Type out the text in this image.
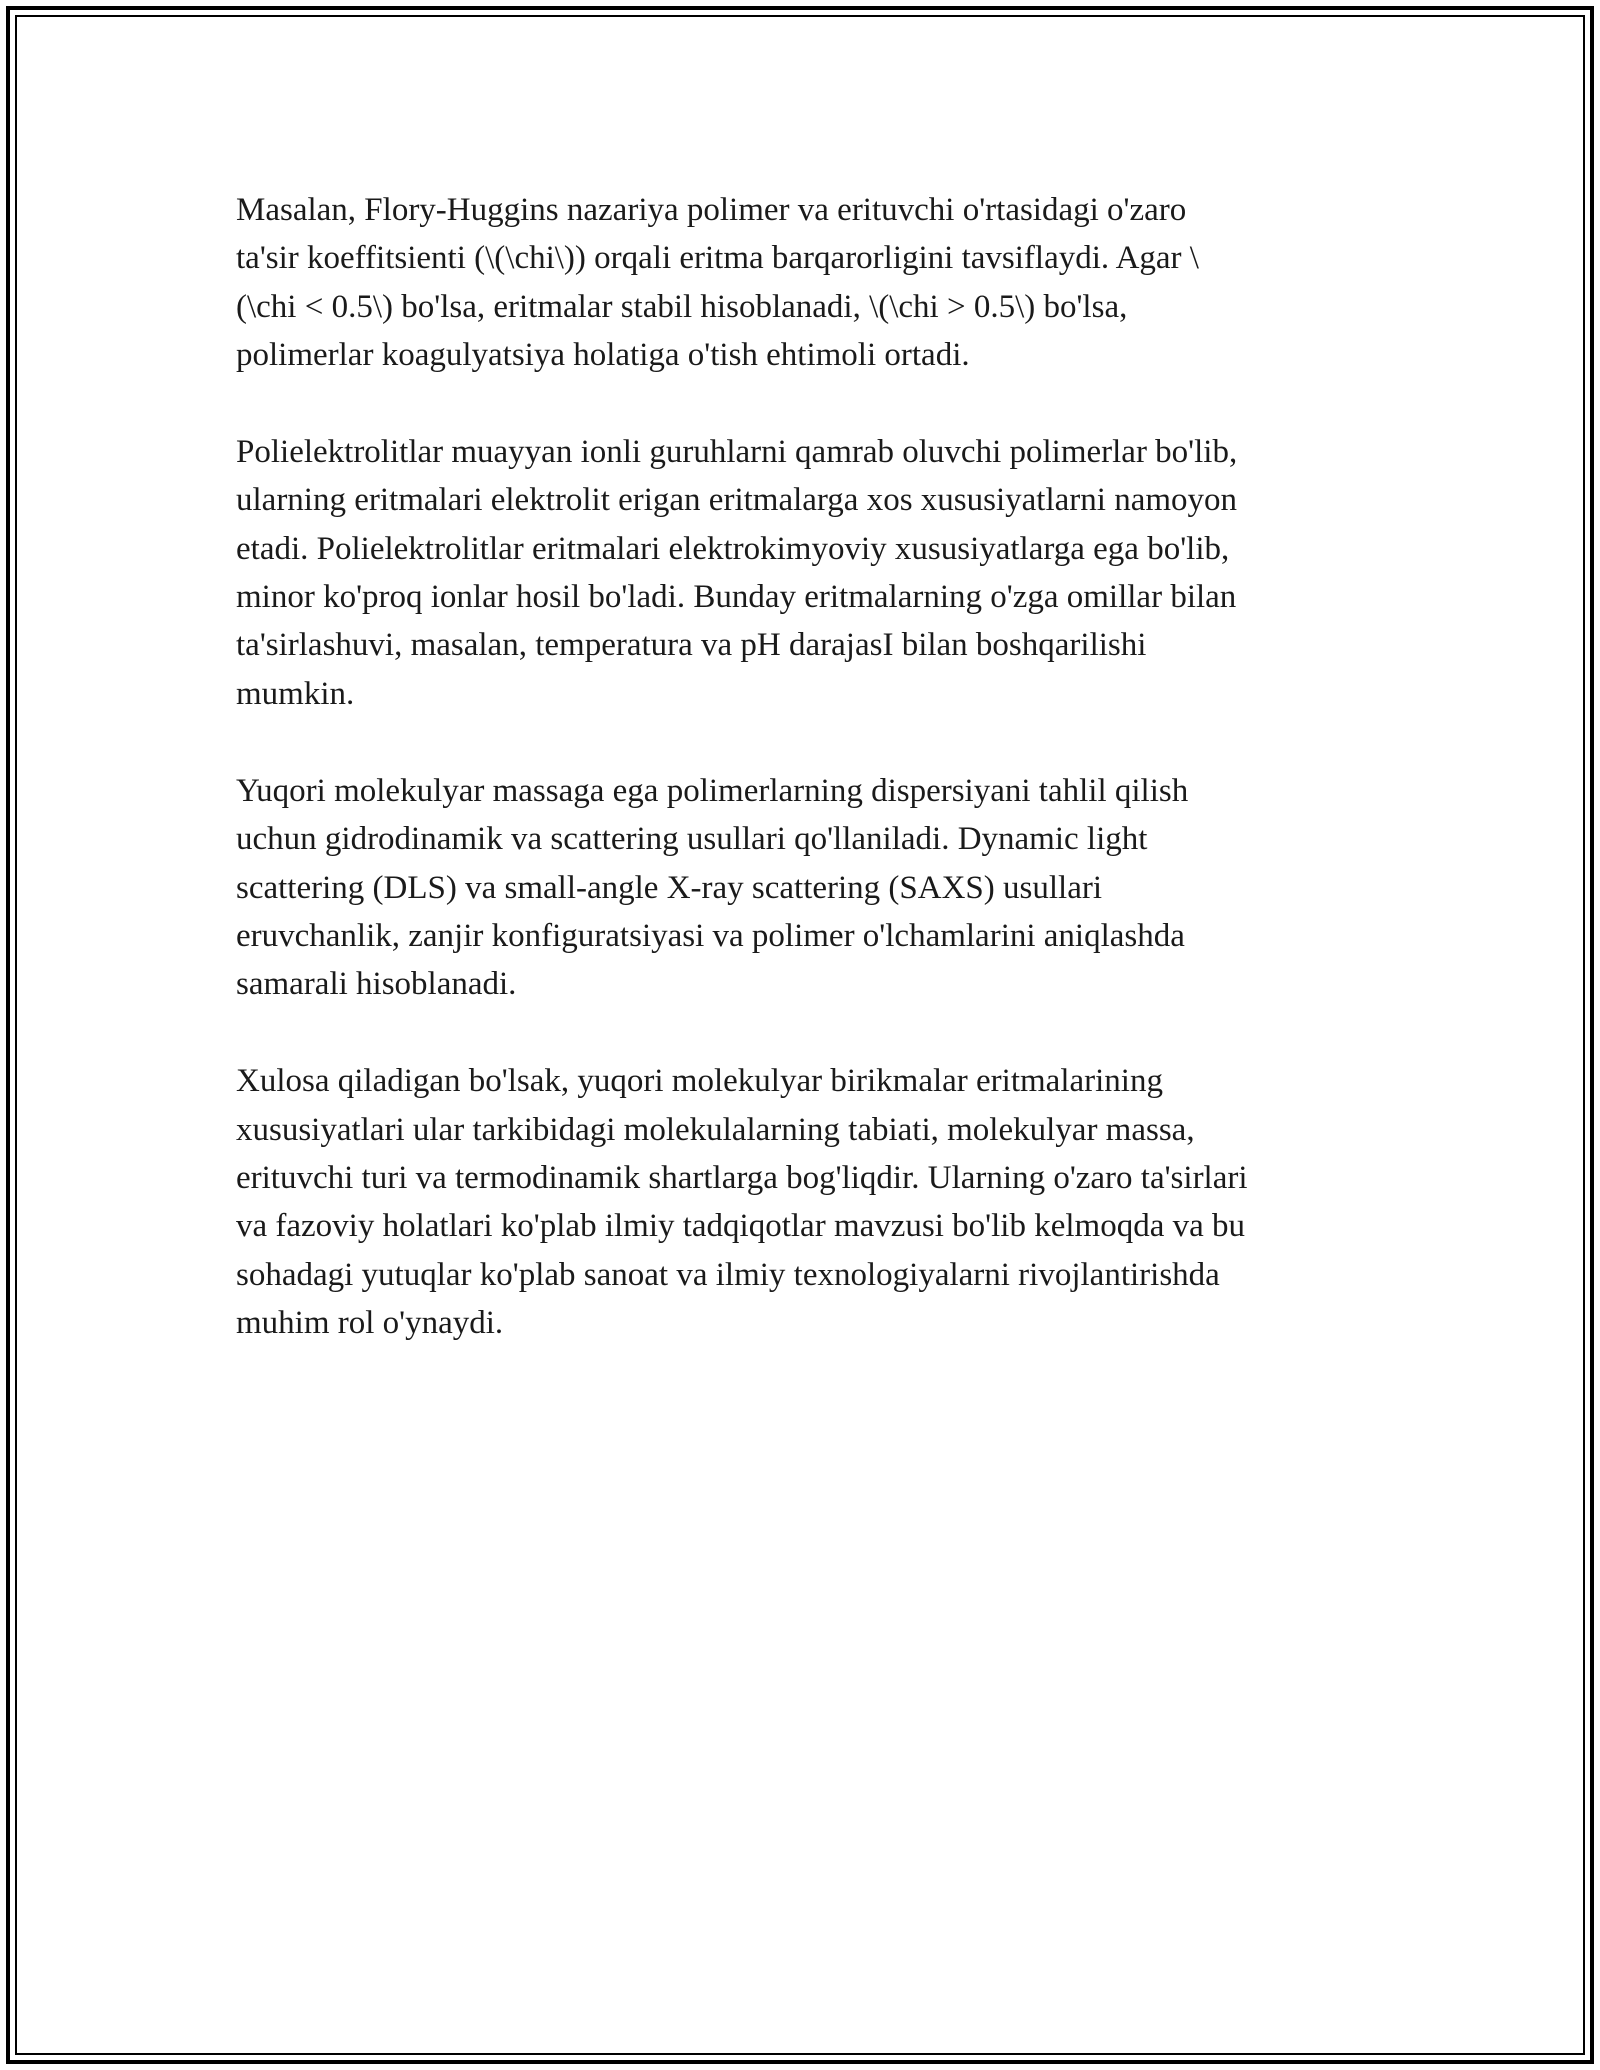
Masalan, Flory-Huggins nazariya polimer va erituvchi o'rtasidagi o'zaro
ta'sir koeffitsienti (\(\chi\)) orqali eritma barqarorligini tavsiflaydi. Agar \
(\chi < 0.5\) bo'lsa, eritmalar stabil hisoblanadi, \(\chi > 0.5\) bo'lsa,
polimerlar koagulyatsiya holatiga o'tish ehtimoli ortadi.

Polielektrolitlar muayyan ionli guruhlarni qamrab oluvchi polimerlar bo'lib,
ularning eritmalari elektrolit erigan eritmalarga xos xususiyatlarni namoyon
etadi. Polielektrolitlar eritmalari elektrokimyoviy xususiyatlarga ega bo'lib,
minor ko'proq ionlar hosil bo'ladi. Bunday eritmalarning o'zga omillar bilan
ta'sirlashuvi, masalan, temperatura va pH darajasI bilan boshqarilishi
mumkin.

Yuqori molekulyar massaga ega polimerlarning dispersiyani tahlil qilish
uchun gidrodinamik va scattering usullari qo'llaniladi. Dynamic light
scattering (DLS) va small-angle X-ray scattering (SAXS) usullari
eruvchanlik, zanjir konfiguratsiyasi va polimer o'lchamlarini aniqlashda
samarali hisoblanadi.

Xulosa qiladigan bo'lsak, yuqori molekulyar birikmalar eritmalarining
xususiyatlari ular tarkibidagi molekulalarning tabiati, molekulyar massa,
erituvchi turi va termodinamik shartlarga bog'liqdir. Ularning o'zaro ta'sirlari
va fazoviy holatlari ko'plab ilmiy tadqiqotlar mavzusi bo'lib kelmoqda va bu
sohadagi yutuqlar ko'plab sanoat va ilmiy texnologiyalarni rivojlantirishda
muhim rol o'ynaydi.
